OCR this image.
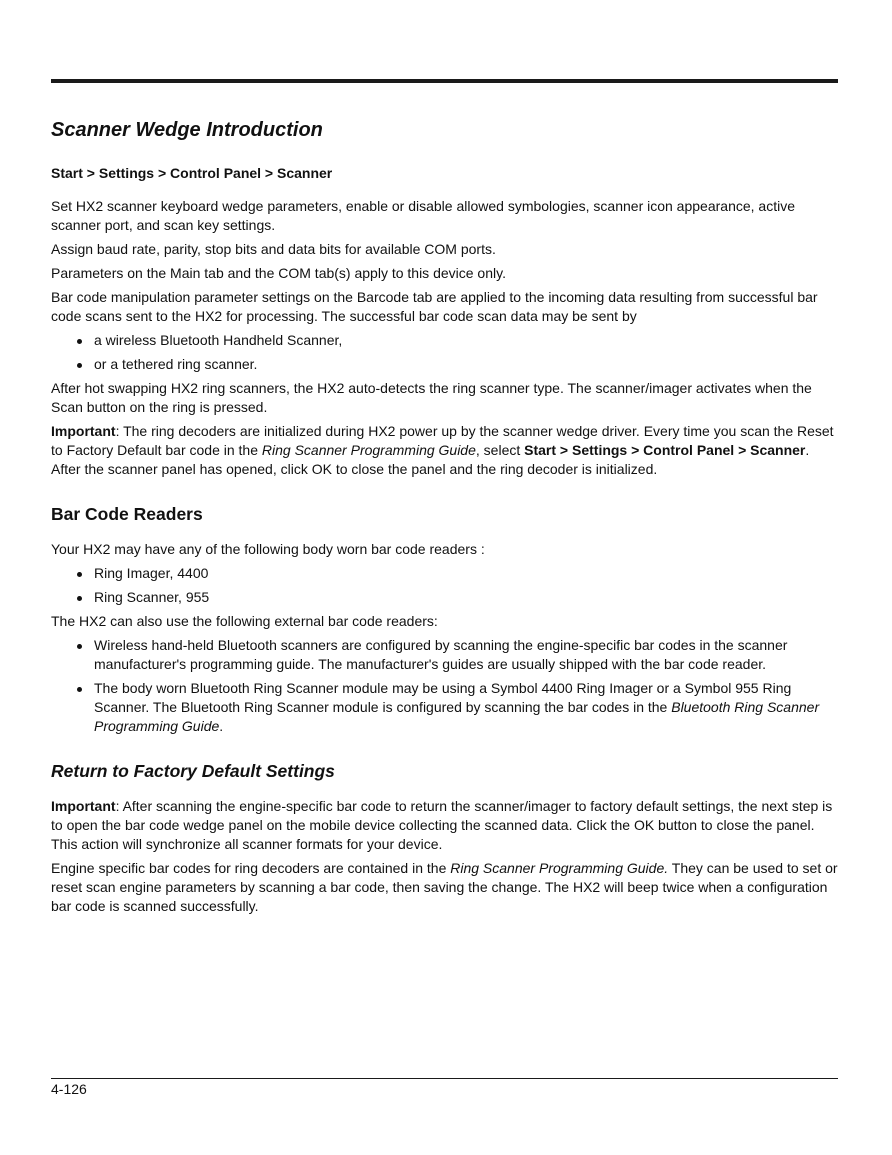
Scanner Wedge Introduction

Start > Settings > Control Panel > Scanner

Set HX2 scanner keyboard wedge parameters, enable or disable allowed symbologies, scanner icon appearance, active scanner port, and scan key settings.

Assign baud rate, parity, stop bits and data bits for available COM ports.

Parameters on the Main tab and the COM tab(s) apply to this device only.

Bar code manipulation parameter settings on the Barcode tab are applied to the incoming data resulting from successful bar code scans sent to the HX2 for processing. The successful bar code scan data may be sent by

a wireless Bluetooth Handheld Scanner,
or a tethered ring scanner.

After hot swapping HX2 ring scanners, the HX2 auto-detects the ring scanner type. The scanner/imager activates when the Scan button on the ring is pressed.

Important: The ring decoders are initialized during HX2 power up by the scanner wedge driver. Every time you scan the Reset to Factory Default bar code in the Ring Scanner Programming Guide, select Start > Settings > Control Panel > Scanner. After the scanner panel has opened, click OK to close the panel and the ring decoder is initialized.

Bar Code Readers

Your HX2 may have any of the following body worn bar code readers :

Ring Imager, 4400
Ring Scanner, 955

The HX2 can also use the following external bar code readers:

Wireless hand-held Bluetooth scanners are configured by scanning the engine-specific bar codes in the scanner manufacturer's programming guide. The manufacturer's guides are usually shipped with the bar code reader.
The body worn Bluetooth Ring Scanner module may be using a Symbol 4400 Ring Imager or a Symbol 955 Ring Scanner. The Bluetooth Ring Scanner module is configured by scanning the bar codes in the Bluetooth Ring Scanner Programming Guide.
Return to Factory Default Settings

Important: After scanning the engine-specific bar code to return the scanner/imager to factory default settings, the next step is to open the bar code wedge panel on the mobile device collecting the scanned data. Click the OK button to close the panel. This action will synchronize all scanner formats for your device.

Engine specific bar codes for ring decoders are contained in the Ring Scanner Programming Guide. They can be used to set or reset scan engine parameters by scanning a bar code, then saving the change. The HX2 will beep twice when a configuration bar code is scanned successfully.

4-126
